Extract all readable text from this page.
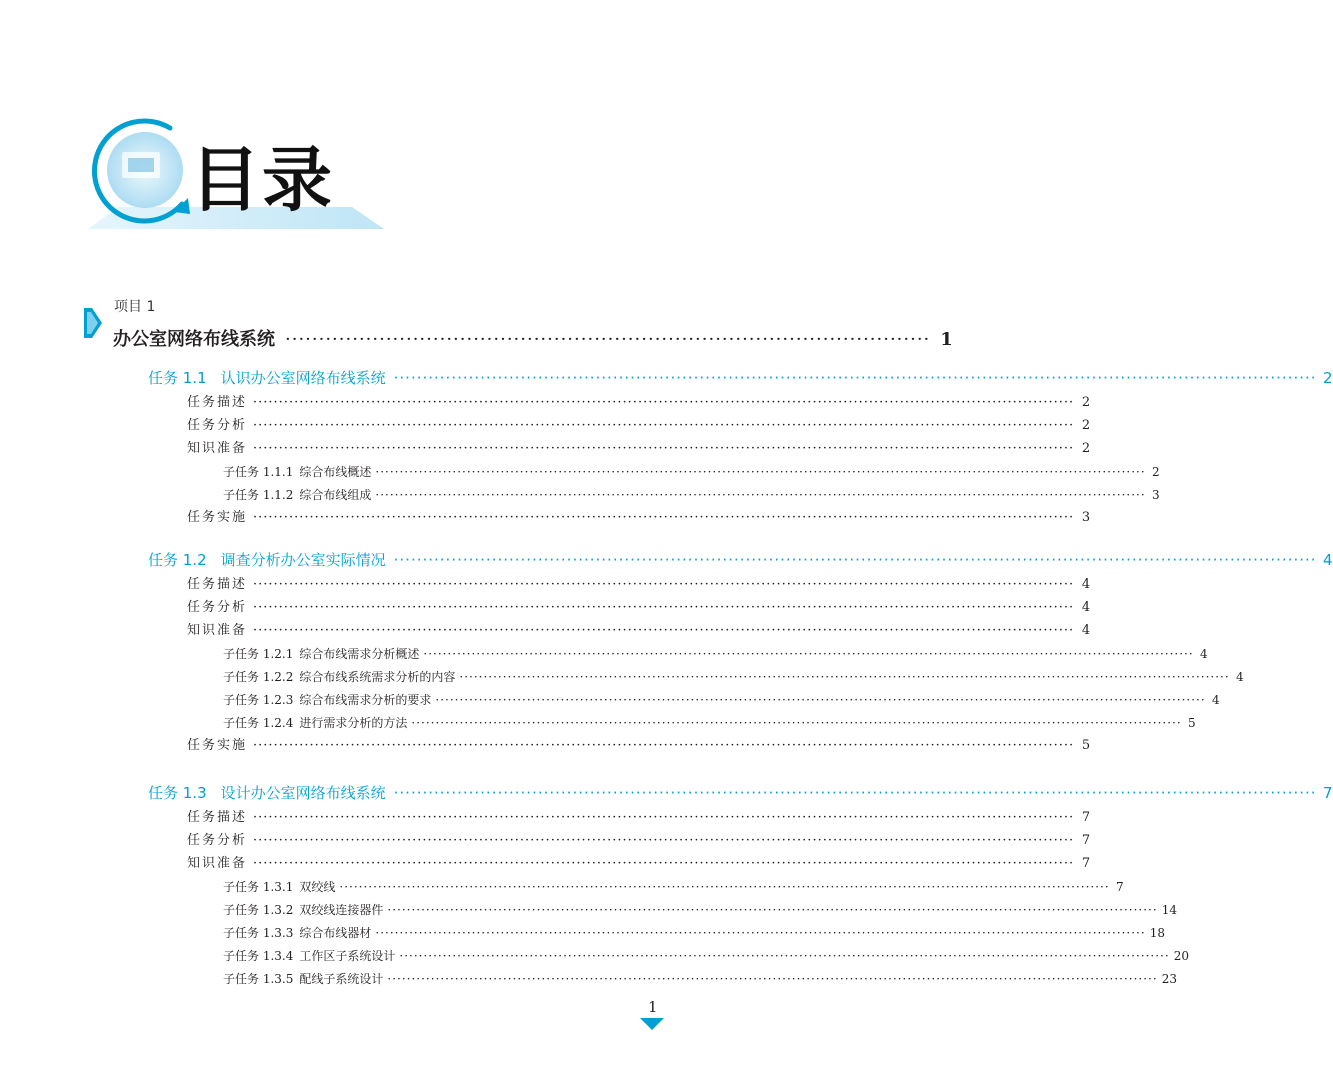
目录
项目 1
办公室网络布线系统 ································································································ 1
任务 1.1 认识办公室网络布线系统 ································································································································································ 2
任务描述 ································································································································································ 2
任务分析 ································································································································································ 2
知识准备 ································································································································································ 2
子任务 1.1.1 综合布线概述 ································································································································································ 2
子任务 1.1.2 综合布线组成 ································································································································································ 3
任务实施 ································································································································································ 3
任务 1.2 调查分析办公室实际情况 ································································································································································ 4
任务描述 ································································································································································ 4
任务分析 ································································································································································ 4
知识准备 ································································································································································ 4
子任务 1.2.1 综合布线需求分析概述 ································································································································································ 4
子任务 1.2.2 综合布线系统需求分析的内容 ································································································································································ 4
子任务 1.2.3 综合布线需求分析的要求 ································································································································································ 4
子任务 1.2.4 进行需求分析的方法 ································································································································································ 5
任务实施 ································································································································································ 5
任务 1.3 设计办公室网络布线系统 ································································································································································ 7
任务描述 ································································································································································ 7
任务分析 ································································································································································ 7
知识准备 ································································································································································ 7
子任务 1.3.1 双绞线 ································································································································································ 7
子任务 1.3.2 双绞线连接器件 ································································································································································ 14
子任务 1.3.3 综合布线器材 ································································································································································ 18
子任务 1.3.4 工作区子系统设计 ································································································································································ 20
子任务 1.3.5 配线子系统设计 ································································································································································ 23
1
